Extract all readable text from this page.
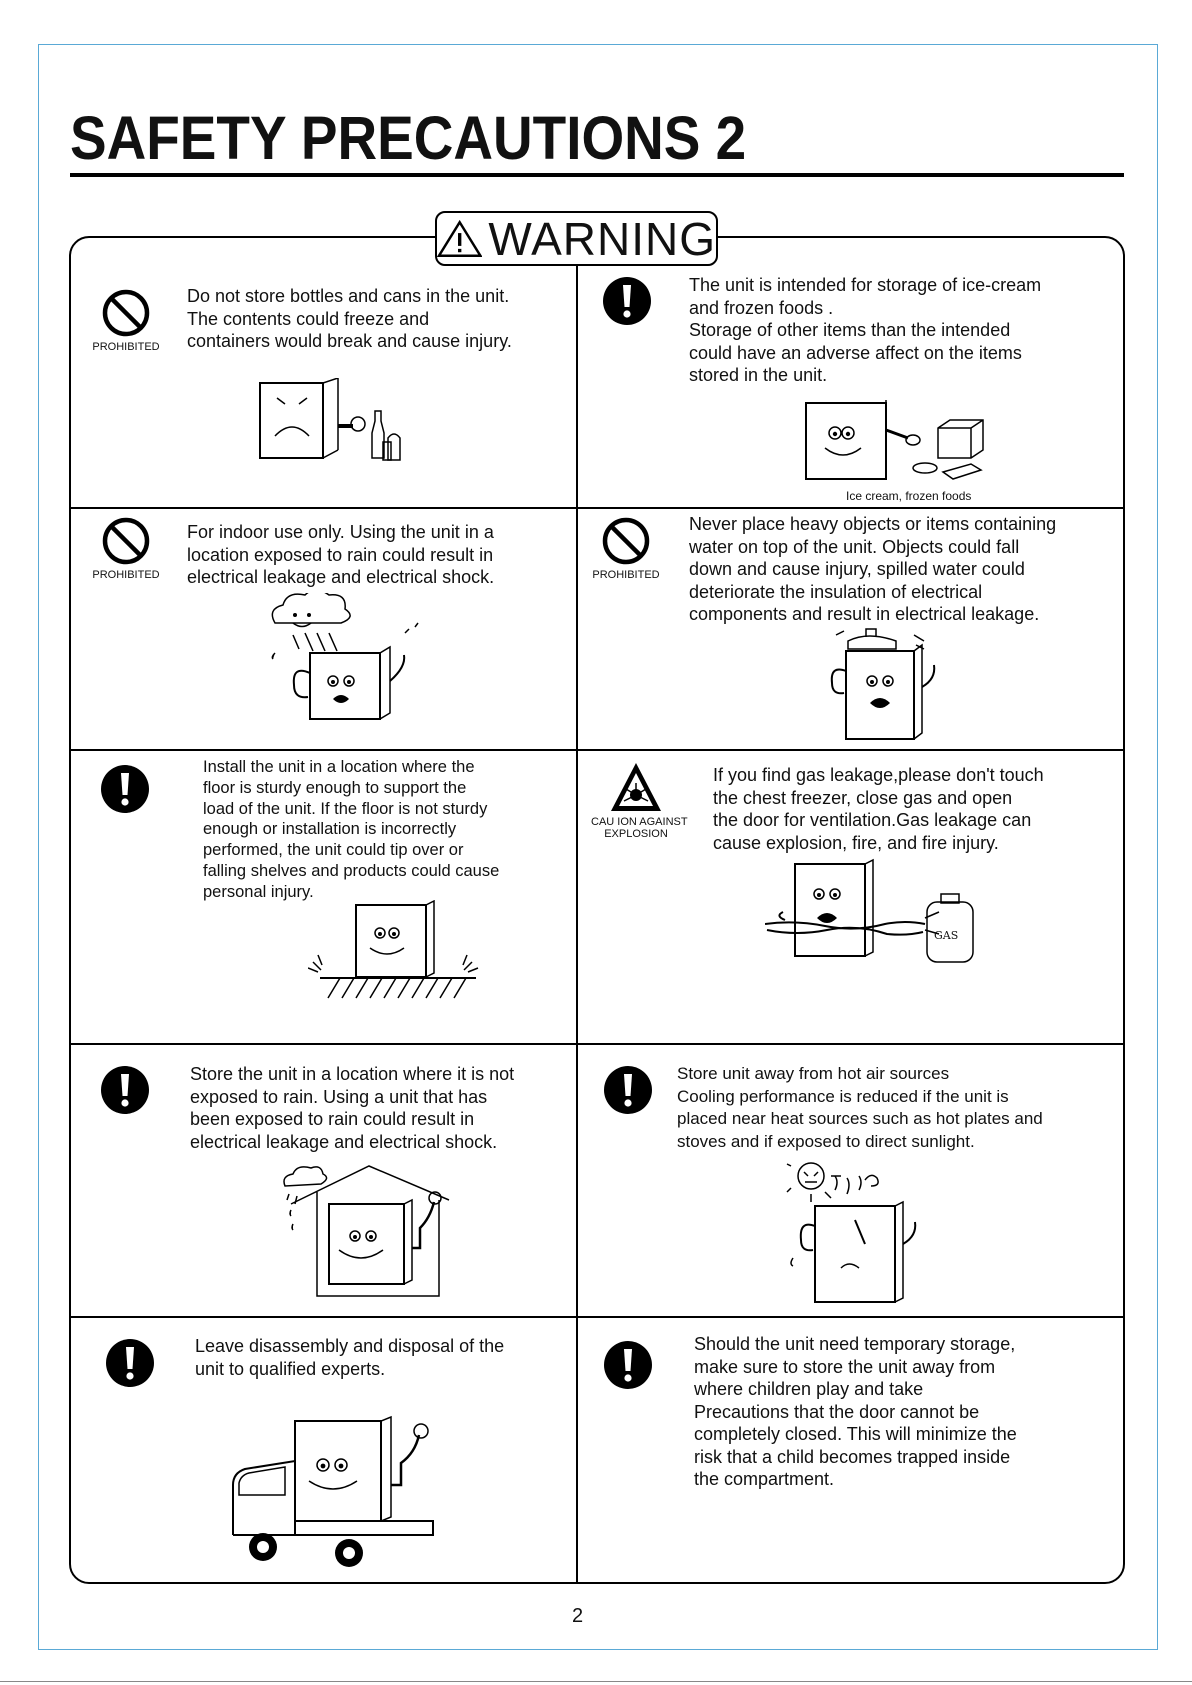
SAFETY PRECAUTIONS 2
WARNING
PROHIBITED
Do not store bottles and cans in the unit.
The contents could freeze and
containers would break and cause injury.
The unit is intended for storage of ice-cream
and frozen foods .
Storage of other items than the intended
could have an adverse affect on the items
stored in the unit.
Ice cream, frozen foods
PROHIBITED
For indoor use only. Using the unit in a
location exposed to rain could result in
electrical leakage and electrical shock.	PROHIBITED
Never place heavy objects or items containing
water on top of the unit. Objects could fall
down and cause injury, spilled water could
deteriorate the insulation of electrical
components and result in electrical leakage.
Install the unit in a location where the
floor is sturdy enough to support the
load of the unit. If the floor is not sturdy
enough or installation is incorrectly
performed, the unit could tip over or
falling shelves and products could cause
personal injury.
CAU ION AGAINST
EXPLOSION
If you find gas leakage,please don't touch
the chest freezer, close gas and open
the door for ventilation.Gas leakage can
cause explosion, fire, and fire injury.
GAS
Store the unit in a location where it is not
exposed to rain. Using a unit that has
been exposed to rain could result in
electrical leakage and electrical shock.
Store unit away from hot air sources
Cooling performance is reduced if the unit is
placed near heat sources such as hot plates and
stoves and if exposed to direct sunlight.
Leave disassembly and disposal of the
unit to qualified experts.
Should the unit need temporary storage,
make sure to store the unit away from
where children play and take
Precautions that the door cannot be
completely closed. This will minimize the
risk that a child becomes trapped inside
the compartment.
2
